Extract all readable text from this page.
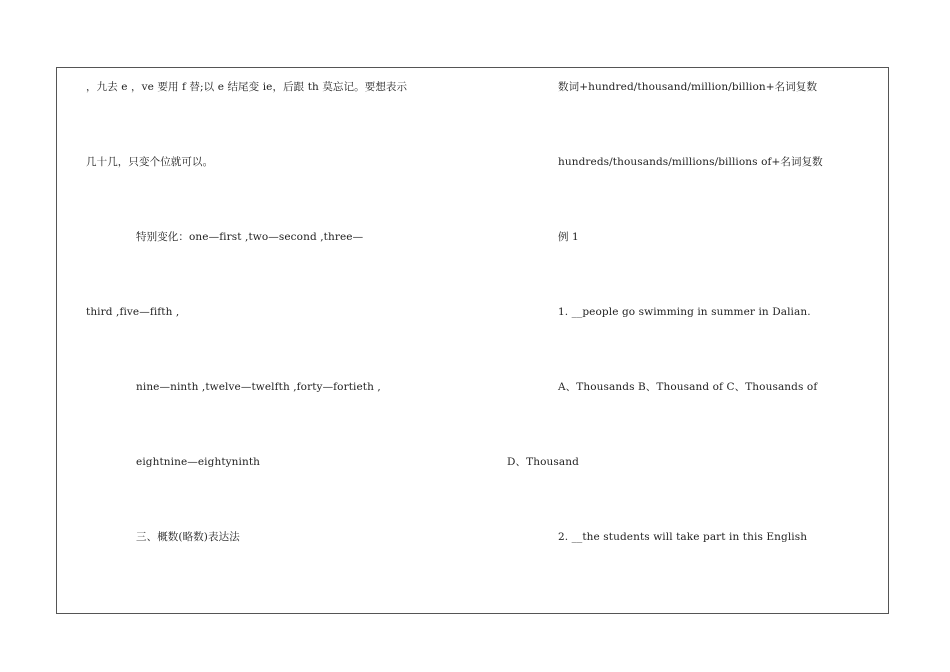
，九去 e ，ve 要用 f 替;以 e 结尾变 ie，后跟 th 莫忘记。要想表示
几十几，只变个位就可以。
特别变化：one—first ,two—second ,three—
third ,five—fifth ,
nine—ninth ,twelve—twelfth ,forty—fortieth ,
eightnine—eightyninth
三、概数(略数)表达法
数词+hundred/thousand/million/billion+名词复数
hundreds/thousands/millions/billions of+名词复数
例 1
1. __people go swimming in summer in Dalian.
A、Thousands B、Thousand of C、Thousands of
D、Thousand
2. __the students will take part in this English
